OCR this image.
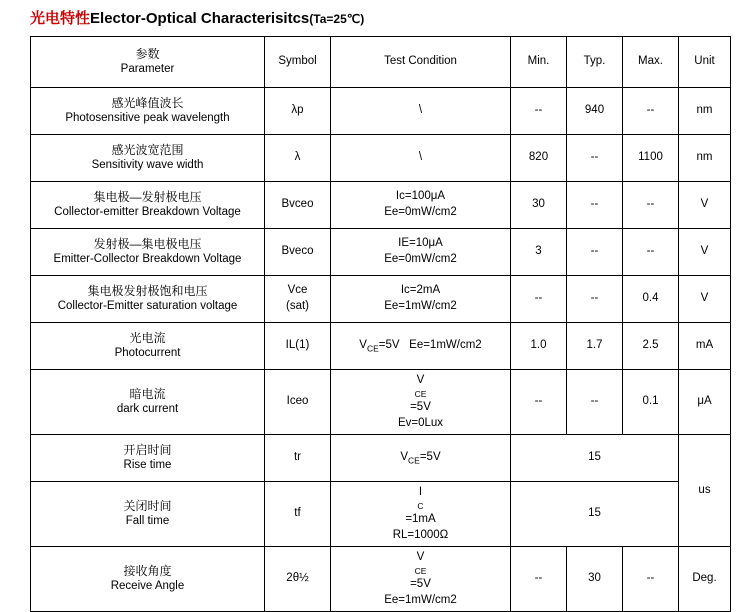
光电特性Elector-Optical Characterisitcs(Ta=25℃)
参数
Parameter	Symbol	Test Condition	Min.	Typ.	Max.	Unit

感光峰值波长
Photosensitive peak wavelength	λp	\	--	940	--	nm

感光波宽范围
Sensitivity wave width	λ	\	820	--	1100	nm

集电极—发射极电压
Collector-emitter Breakdown Voltage	Bvceo	Ic=100μA
Ee=0mW/cm2	30	--	--	V

发射极—集电极电压
Emitter-Collector Breakdown Voltage	Bveco	IE=10μA
Ee=0mW/cm2	3	--	--	V

集电极发射极饱和电压
Collector-Emitter saturation voltage	Vce
(sat)	Ic=2mA
Ee=1mW/cm2	--	--	0.4	V

光电流
Photocurrent	IL(1)	$V_{CE}=5V$   Ee=1mW/cm2	1.0	1.7	2.5	mA

暗电流
dark current	Iceo	V
CE
=5V
Ev=0Lux	--	--	0.1	μA

开启时间
Rise time	tr	$V_{CE}=5V$	15			us

关闭时间
Fall time	tf	I
C
=1mA
RL=1000Ω	15			

接收角度
Receive Angle	2θ½	V
CE
=5V
Ee=1mW/cm2	--	30	--	Deg.
